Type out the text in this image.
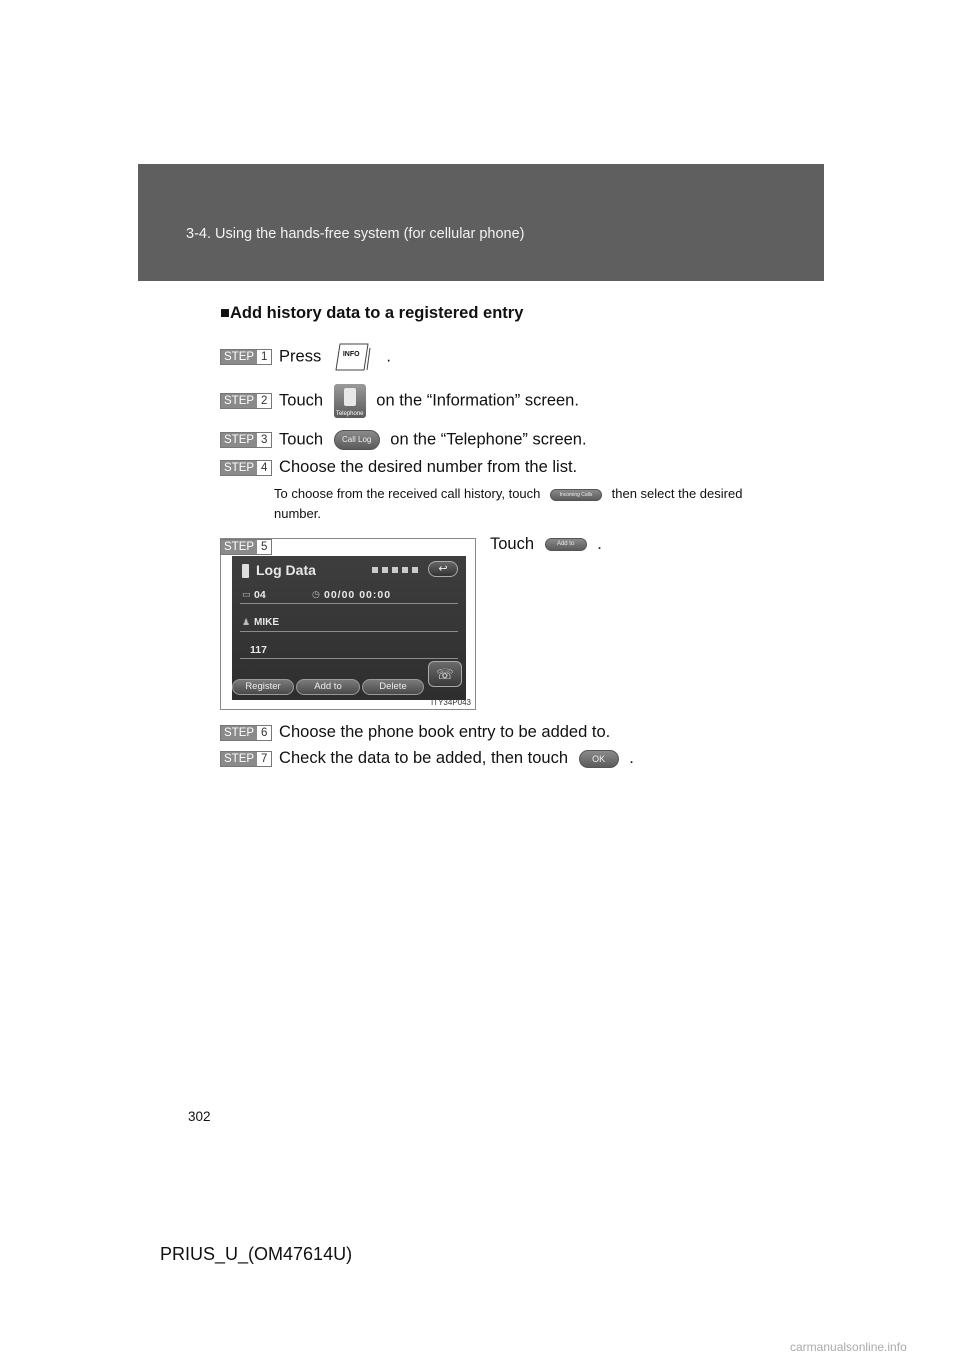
3-4. Using the hands-free system (for cellular phone)
■Add history data to a registered entry
STEP 1 Press	INFO .
STEP 2 Touch
Telephone
on the “Information” screen.
STEP 3 Touch Call Log on the “Telephone” screen.
STEP 4 Choose the desired number from the list.
To choose from the received call history, touch	Incoming Calls then select the desired number.
STEP 5
Log Data	↩
▭ 04	◷ 00/00 00:00
♟ MIKE
117
Register	Add to	Delete
☏
ITY34P043
Touch	Add to .
STEP 6 Choose the phone book entry to be added to.
STEP 7 Check the data to be added, then touch	OK .
302
PRIUS_U_(OM47614U)
carmanualsonline.info
